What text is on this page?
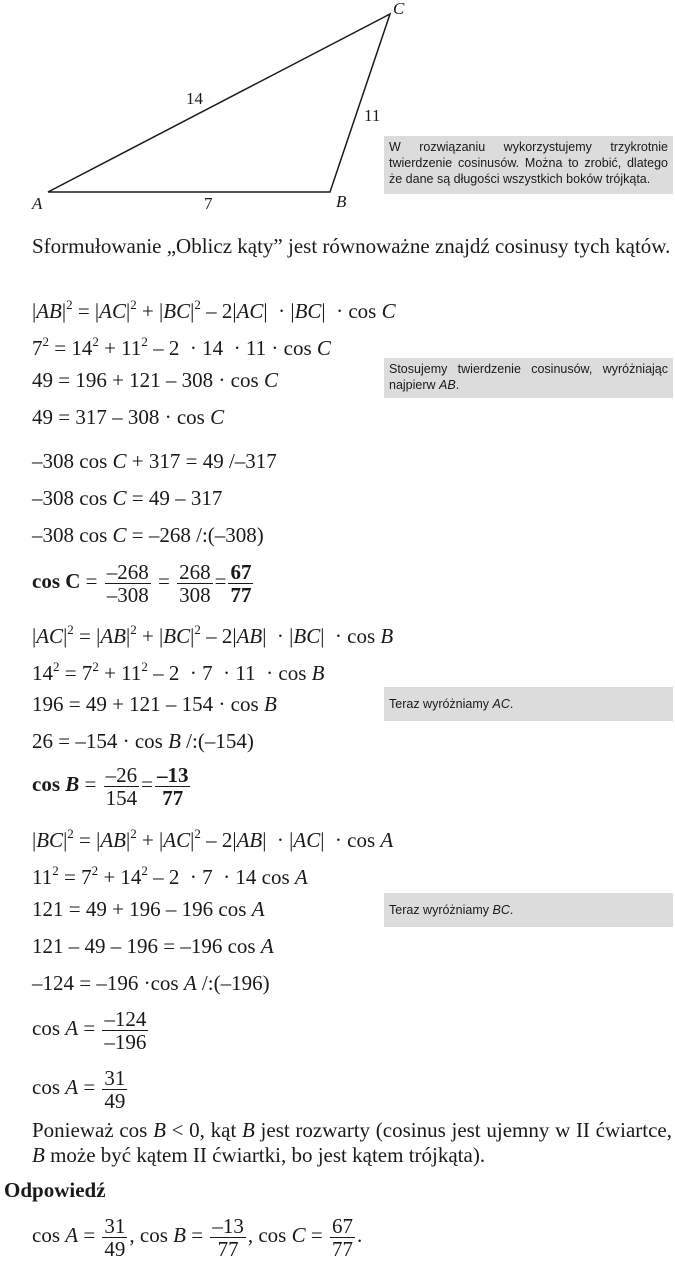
A	B
C
14
11
7
W rozwiązaniu wykorzystujemy trzykrotnie twierdzenie cosinusów. Można to zrobić, dlatego że dane są długości wszystkich boków trójkąta.
Stosujemy twierdzenie cosinusów, wyróżniając najpierw AB.
Teraz wyróżniamy AC.
Teraz wyróżniamy BC.
Sformułowanie „Oblicz kąty” jest równoważne znajdź cosinusy tych kątów.
$|AB|^2 = |AC|^2 + |BC|^2 - 2|AC| \cdot |BC| \cdot \cos C$
$7^2 = 14^2 + 11^2 - 2 \cdot 14 \cdot 11 \cdot \cos C$
49 = 196 + 121 – 308 · cos C
49 = 317 – 308 · cos C
–308 cos C + 317 = 49 /–317
–308 cos C = 49 – 317
–308 cos C = –268 /:(–308)
$\cos C = \frac{-268}{-308} = \frac{268}{308} = \frac{67}{77}$
$|AC|^2 = |AB|^2 + |BC|^2 - 2|AB| \cdot |BC| \cdot \cos B$
$14^2 = 7^2 + 11^2 - 2 \cdot 7 \cdot 11 \cdot \cos B$
196 = 49 + 121 – 154 · cos B
26 = –154 · cos B /:(–154)
$\cos B = \frac{-26}{154} = \frac{-13}{77}$
$|BC|^2 = |AB|^2 + |AC|^2 - 2|AB| \cdot |AC| \cdot \cos A$
$11^2 = 7^2 + 14^2 - 2 \cdot 7 \cdot 14$ cos A
121 = 49 + 196 – 196 cos A
121 – 49 – 196 = –196 cos A
–124 = –196 ·cos A /:(–196)
$\cos A = \frac{-124}{-196}$
$\cos A = \frac{31}{49}$
Ponieważ cos B < 0, kąt B jest rozwarty (cosinus jest ujemny w II ćwiartce, B może być kątem II ćwiartki, bo jest kątem trójkąta).
Odpowiedź
$\cos A = \frac{31}{49}$ , $\cos B = \frac{-13}{77}$ , $\cos C = \frac{67}{77}$ .
